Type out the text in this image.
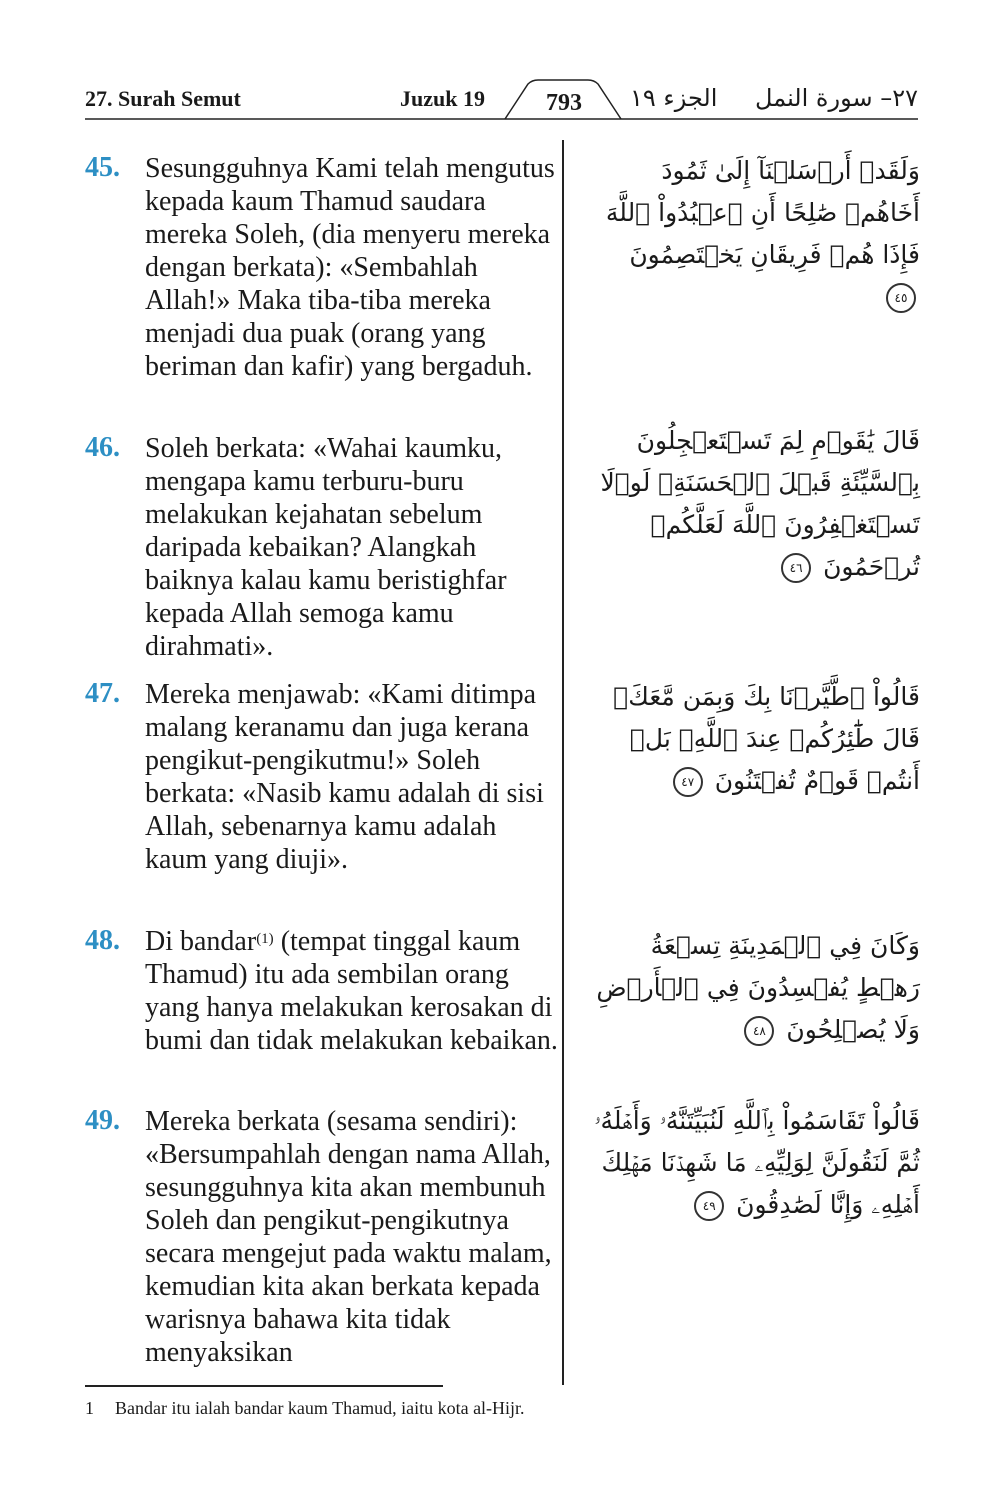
27. Surah Semut	Juzuk 19	793	الجزء ١٩ ٢٧– سورة النمل
45. Sesungguhnya Kami telah mengutus kepada kaum Thamud saudara mereka Soleh, (dia menyeru mereka dengan berkata): «Sembahlah Allah!» Maka tiba-tiba mereka menjadi dua puak (orang yang beriman dan kafir) yang bergaduh.
وَلَقَدۡ أَرۡسَلۡنَآ إِلَىٰ ثَمُودَ أَخَاهُمۡ صَٰلِحًا أَنِ ٱعۡبُدُواْ ٱللَّهَ فَإِذَا هُمۡ فَرِيقَانِ يَخۡتَصِمُونَ ٤٥
46. Soleh berkata: «Wahai kaumku, mengapa kamu terburu-buru melakukan kejahatan sebelum daripada kebaikan? Alangkah baiknya kalau kamu beristighfar kepada Allah semoga kamu dirahmati».
قَالَ يَٰقَوۡمِ لِمَ تَسۡتَعۡجِلُونَ بِٱلسَّيِّئَةِ قَبۡلَ ٱلۡحَسَنَةِۖ لَوۡلَا تَسۡتَغۡفِرُونَ ٱللَّهَ لَعَلَّكُمۡ تُرۡحَمُونَ ٤٦
47. Mereka menjawab: «Kami ditimpa malang keranamu dan juga kerana pengikut-pengikutmu!» Soleh berkata: «Nasib kamu adalah di sisi Allah, sebenarnya kamu adalah kaum yang diuji».
قَالُواْ ٱطَّيَّرۡنَا بِكَ وَبِمَن مَّعَكَۚ قَالَ طَٰٓئِرُكُمۡ عِندَ ٱللَّهِۖ بَلۡ أَنتُمۡ قَوۡمٌ تُفۡتَنُونَ ٤٧
48. Di bandar$^{(1)}$ (tempat tinggal kaum Thamud) itu ada sembilan orang yang hanya melakukan kerosakan di bumi dan tidak melakukan kebaikan.
وَكَانَ فِي ٱلۡمَدِينَةِ تِسۡعَةُ رَهۡطٍ يُفۡسِدُونَ فِي ٱلۡأَرۡضِ وَلَا يُصۡلِحُونَ ٤٨
49. Mereka berkata (sesama sendiri): «Bersumpahlah dengan nama Allah, sesungguhnya kita akan membunuh Soleh dan pengikut-pengikutnya secara mengejut pada waktu malam, kemudian kita akan berkata kepada warisnya bahawa kita tidak menyaksikan
قَالُواْ تَقَاسَمُواْ بِٱللَّهِ لَنُبَيِّتَنَّهُۥ وَأَهۡلَهُۥ ثُمَّ لَنَقُولَنَّ لِوَلِيِّهِۦ مَا شَهِدۡنَا مَهۡلِكَ أَهۡلِهِۦ وَإِنَّا لَصَٰدِقُونَ ٤٩
1 Bandar itu ialah bandar kaum Thamud, iaitu kota al-Hijr.
